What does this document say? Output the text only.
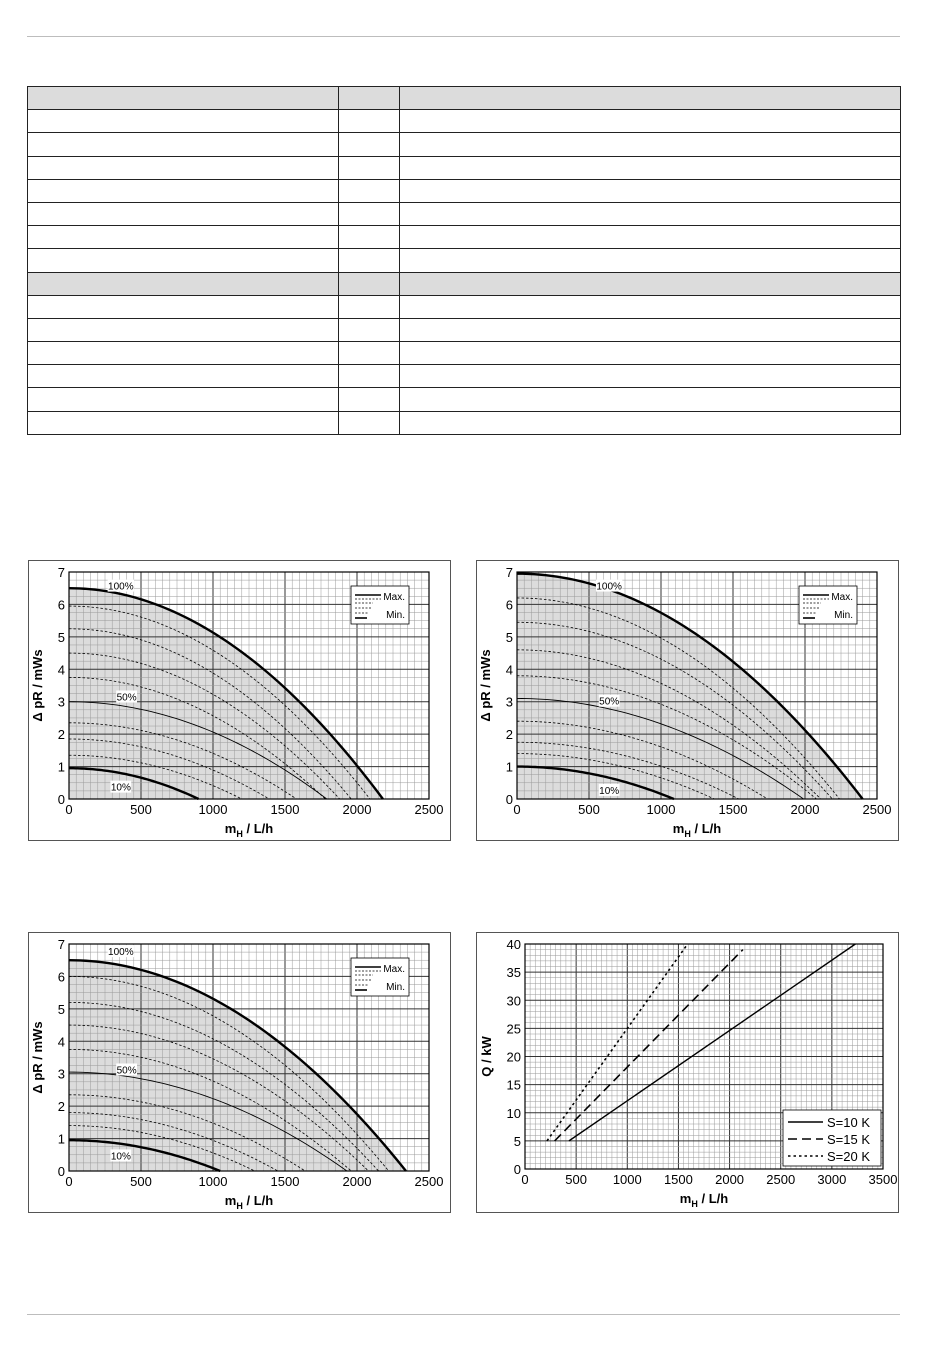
100%
50%
10%
0	500	1000	1500	2000	2500
0
1
2
3
4
5
6
7
$m_H / L/h$
Δ pR / mWs
Max.
Min.
100%
50%
10%
0	500	1000	1500	2000	2500
0
1
2
3
4
5
6
7
$m_H / L/h$
Δ pR / mWs
Max.
Min.
100%
50%
10%
0	500	1000	1500	2000	2500
0
1
2
3
4
5
6
7
$m_H / L/h$
Δ pR / mWs
Max.
Min.
0	500 1000 1500 2000 2500 3000 3500
0
5
10
15
20
25
30
35
40
$m_H / L/h$
Q / kW
S=10 K
S=15 K
S=20 K
